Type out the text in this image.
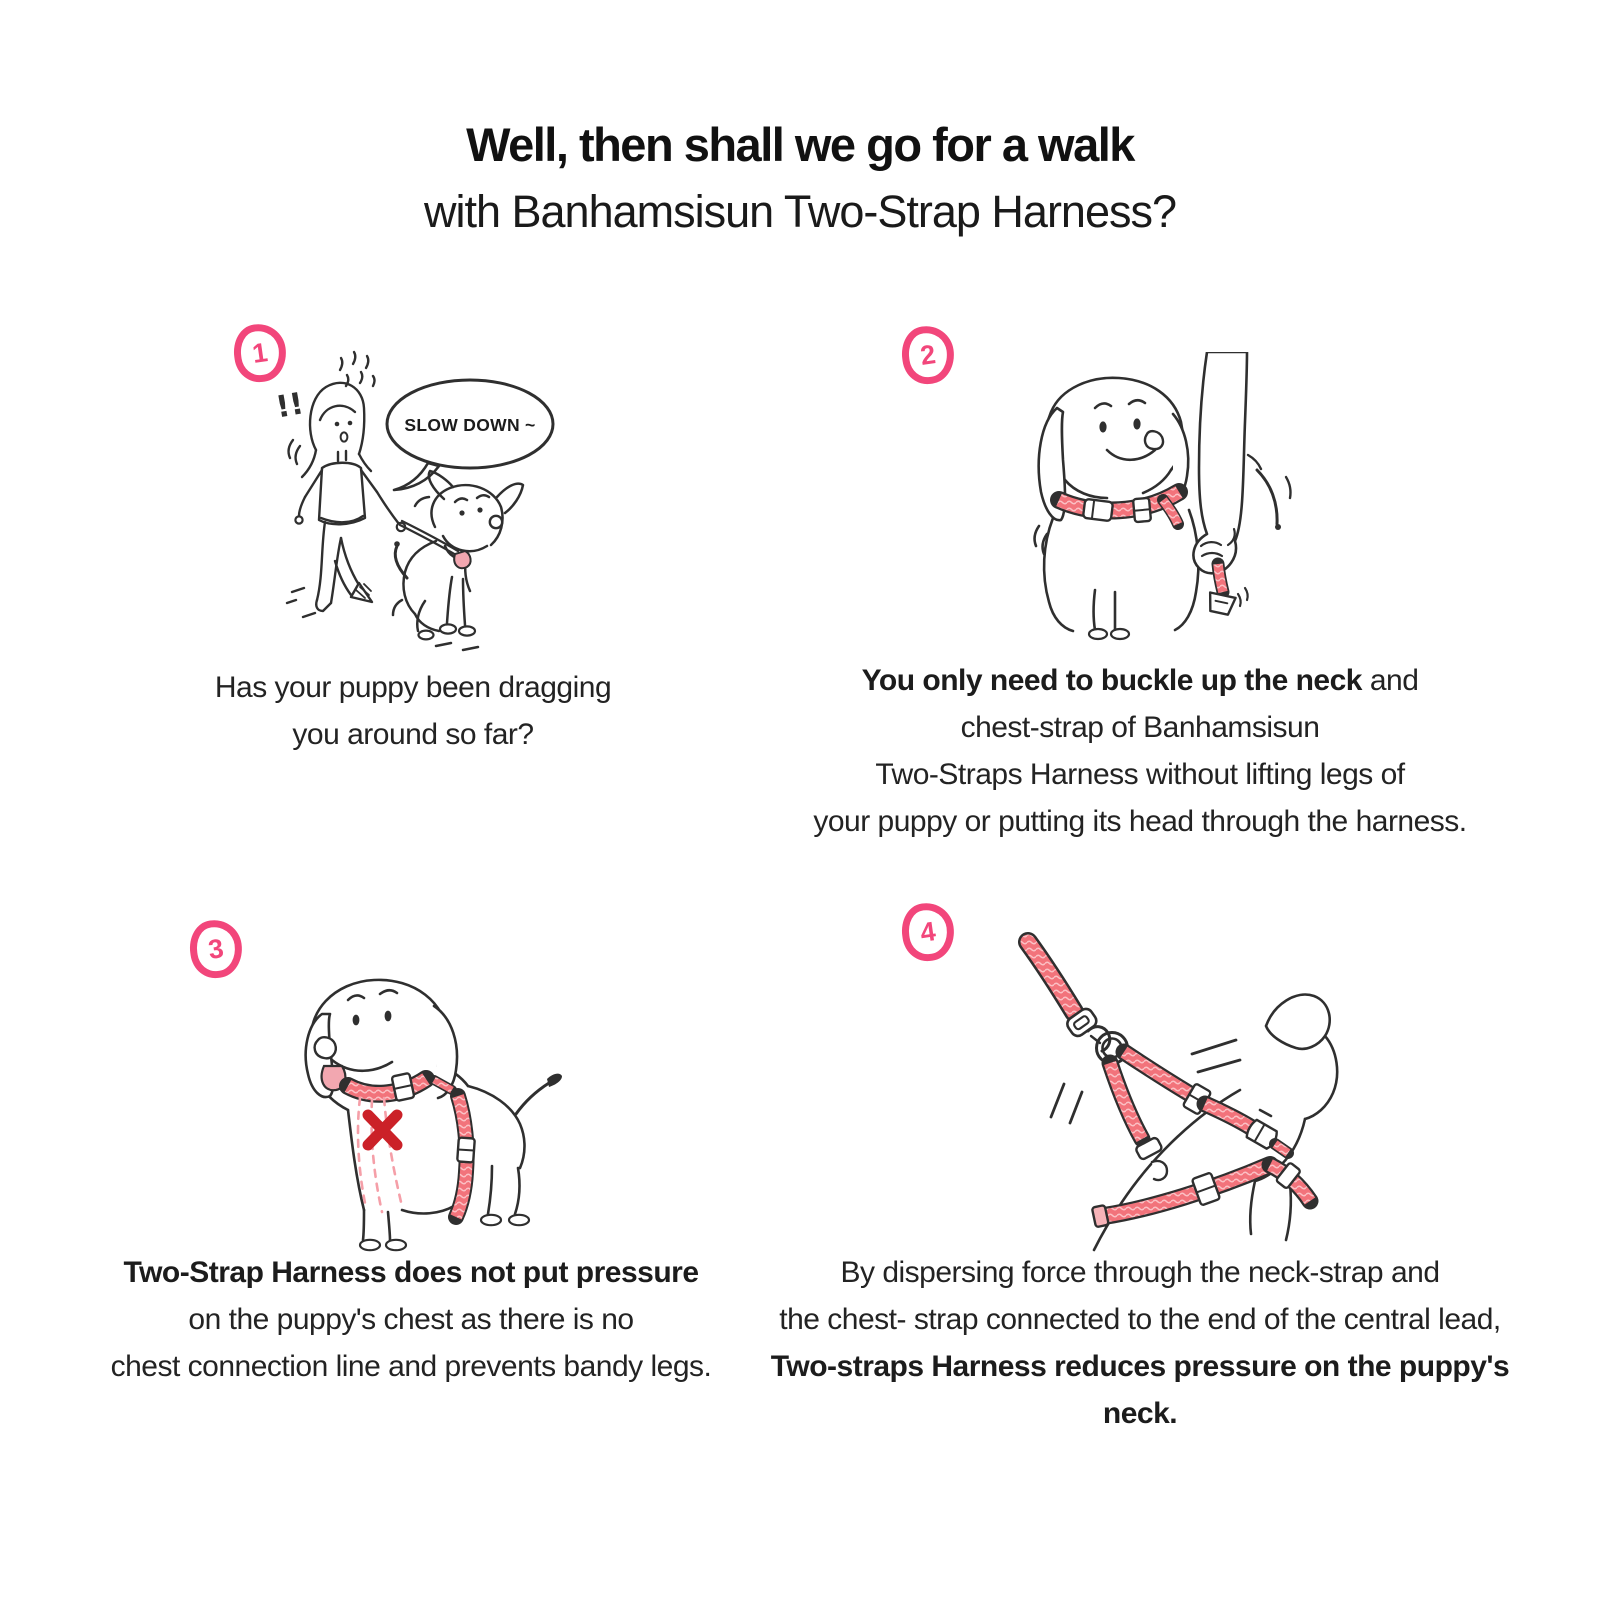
Well, then shall we go for a walk
with Banhamsisun Two-Strap Harness?
1
SLOW DOWN ~
!!
Has your puppy been dragging
you around so far?
2
You only need to buckle up the neck and
chest-strap of Banhamsisun
Two-Straps Harness without lifting legs of
your puppy or putting its head through the harness.
3
Two-Strap Harness does not put pressure
on the puppy's chest as there is no
chest connection line and prevents bandy legs.
4
By dispersing force through the neck-strap and
the chest- strap connected to the end of the central lead,
Two-straps Harness reduces pressure on the puppy's neck.
